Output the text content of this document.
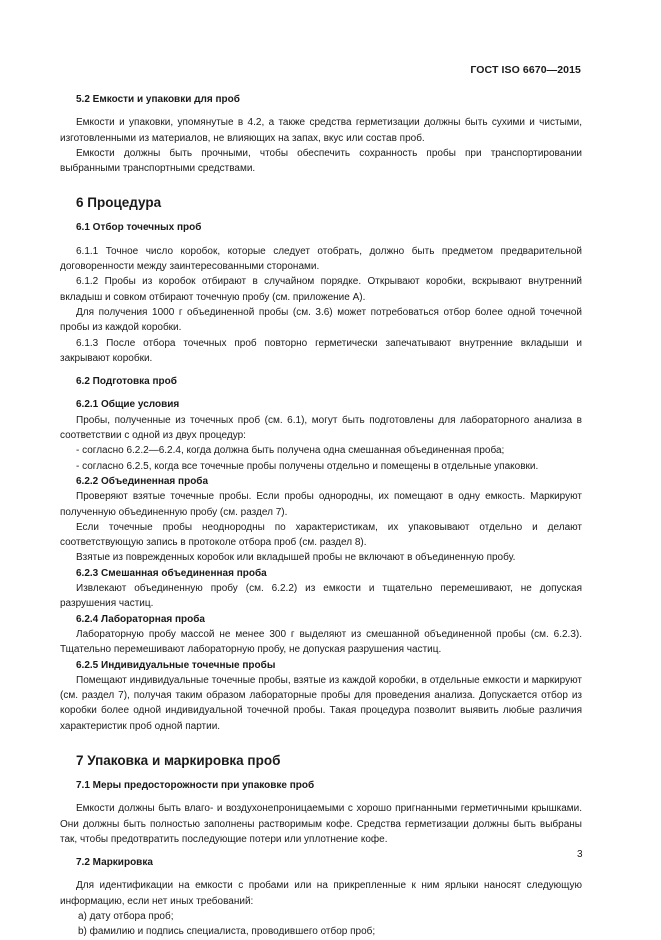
ГОСТ ISO 6670—2015
5.2 Емкости и упаковки для проб

Емкости и упаковки, упомянутые в 4.2, а также средства герметизации должны быть сухими и чистыми, изготовленными из материалов, не влияющих на запах, вкус или состав проб.

Емкости должны быть прочными, чтобы обеспечить сохранность пробы при транспортировании выбранными транспортными средствами.

6 Процедура
6.1 Отбор точечных проб

6.1.1 Точное число коробок, которые следует отобрать, должно быть предметом предварительной договоренности между заинтересованными сторонами.

6.1.2 Пробы из коробок отбирают в случайном порядке. Открывают коробки, вскрывают внутренний вкладыш и совком отбирают точечную пробу (см. приложение А).

Для получения 1000 г объединенной пробы (см. 3.6) может потребоваться отбор более одной точечной пробы из каждой коробки.

6.1.3 После отбора точечных проб повторно герметически запечатывают внутренние вкладыши и закрывают коробки.

6.2 Подготовка проб
6.2.1 Общие условия

Пробы, полученные из точечных проб (см. 6.1), могут быть подготовлены для лабораторного анализа в соответствии с одной из двух процедур:

- согласно 6.2.2—6.2.4, когда должна быть получена одна смешанная объединенная проба;

- согласно 6.2.5, когда все точечные пробы получены отдельно и помещены в отдельные упаковки.

6.2.2 Объединенная проба

Проверяют взятые точечные пробы. Если пробы однородны, их помещают в одну емкость. Маркируют полученную объединенную пробу (см. раздел 7).

Если точечные пробы неоднородны по характеристикам, их упаковывают отдельно и делают соответствующую запись в протоколе отбора проб (см. раздел 8).

Взятые из поврежденных коробок или вкладышей пробы не включают в объединенную пробу.

6.2.3 Смешанная объединенная проба

Извлекают объединенную пробу (см. 6.2.2) из емкости и тщательно перемешивают, не допуская разрушения частиц.

6.2.4 Лабораторная проба

Лабораторную пробу массой не менее 300 г выделяют из смешанной объединенной пробы (см. 6.2.3). Тщательно перемешивают лабораторную пробу, не допуская разрушения частиц.

6.2.5 Индивидуальные точечные пробы

Помещают индивидуальные точечные пробы, взятые из каждой коробки, в отдельные емкости и маркируют (см. раздел 7), получая таким образом лабораторные пробы для проведения анализа. Допускается отбор из коробки более одной индивидуальной точечной пробы. Такая процедура позволит выявить любые различия характеристик проб одной партии.

7 Упаковка и маркировка проб
7.1 Меры предосторожности при упаковке проб

Емкости должны быть влаго- и воздухонепроницаемыми с хорошо пригнанными герметичными крышками. Они должны быть полностью заполнены растворимым кофе. Средства герметизации должны быть выбраны так, чтобы предотвратить последующие потери или уплотнение кофе.

7.2 Маркировка

Для идентификации на емкости с пробами или на прикрепленные к ним ярлыки наносят следующую информацию, если нет иных требований:

а) дату отбора проб;

b) фамилию и подпись специалиста, проводившего отбор проб;

3
